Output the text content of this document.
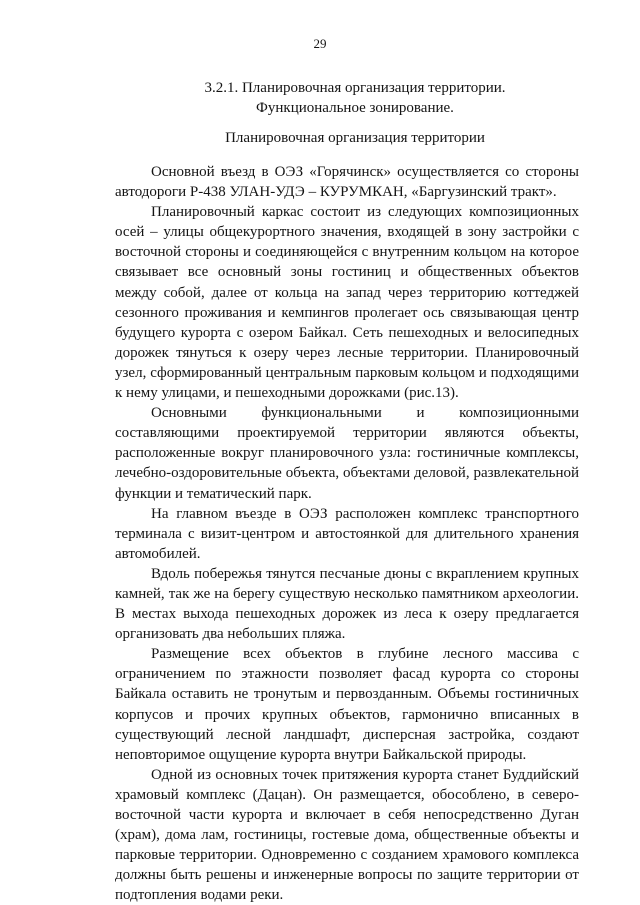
29
3.2.1. Планировочная организация территории.
Функциональное зонирование.
Планировочная организация территории

Основной въезд в ОЭЗ «Горячинск» осуществляется со стороны автодороги Р-438 УЛАН-УДЭ – КУРУМКАН, «Баргузинский тракт».

Планировочный каркас состоит из следующих композиционных осей – улицы общекурортного значения, входящей в зону застройки с восточной стороны и соединяющейся с внутренним кольцом на которое связывает все основный зоны гостиниц и общественных объектов между собой, далее от кольца на запад через территорию коттеджей сезонного проживания и кемпингов пролегает ось связывающая центр будущего курорта с озером Байкал. Сеть пешеходных и велосипедных дорожек тянуться к озеру через лесные территории. Планировочный узел, сформированный центральным парковым кольцом и подходящими к нему улицами, и пешеходными дорожками (рис.13).

Основными функциональными и композиционными составляющими проектируемой территории являются объекты, расположенные вокруг планировочного узла: гостиничные комплексы, лечебно-оздоровительные объекта, объектами деловой, развлекательной функции и тематический парк.

На главном въезде в ОЭЗ расположен комплекс транспортного терминала с визит-центром и автостоянкой для длительного хранения автомобилей.

Вдоль побережья тянутся песчаные дюны с вкраплением крупных камней, так же на берегу существую несколько памятником археологии. В местах выхода пешеходных дорожек из леса к озеру предлагается организовать два небольших пляжа.

Размещение всех объектов в глубине лесного массива с ограничением по этажности позволяет фасад курорта со стороны Байкала оставить не тронутым и первозданным. Объемы гостиничных корпусов и прочих крупных объектов, гармонично вписанных в существующий лесной ландшафт, дисперсная застройка, создают неповторимое ощущение курорта внутри Байкальской природы.

Одной из основных точек притяжения курорта станет Буддийский храмовый комплекс (Дацан). Он размещается, обособлено, в северо-восточной части курорта и включает в себя непосредственно Дуган (храм), дома лам, гостиницы, гостевые дома, общественные объекты и парковые территории. Одновременно с созданием храмового комплекса должны быть решены и инженерные вопросы по защите территории от подтопления водами реки.
